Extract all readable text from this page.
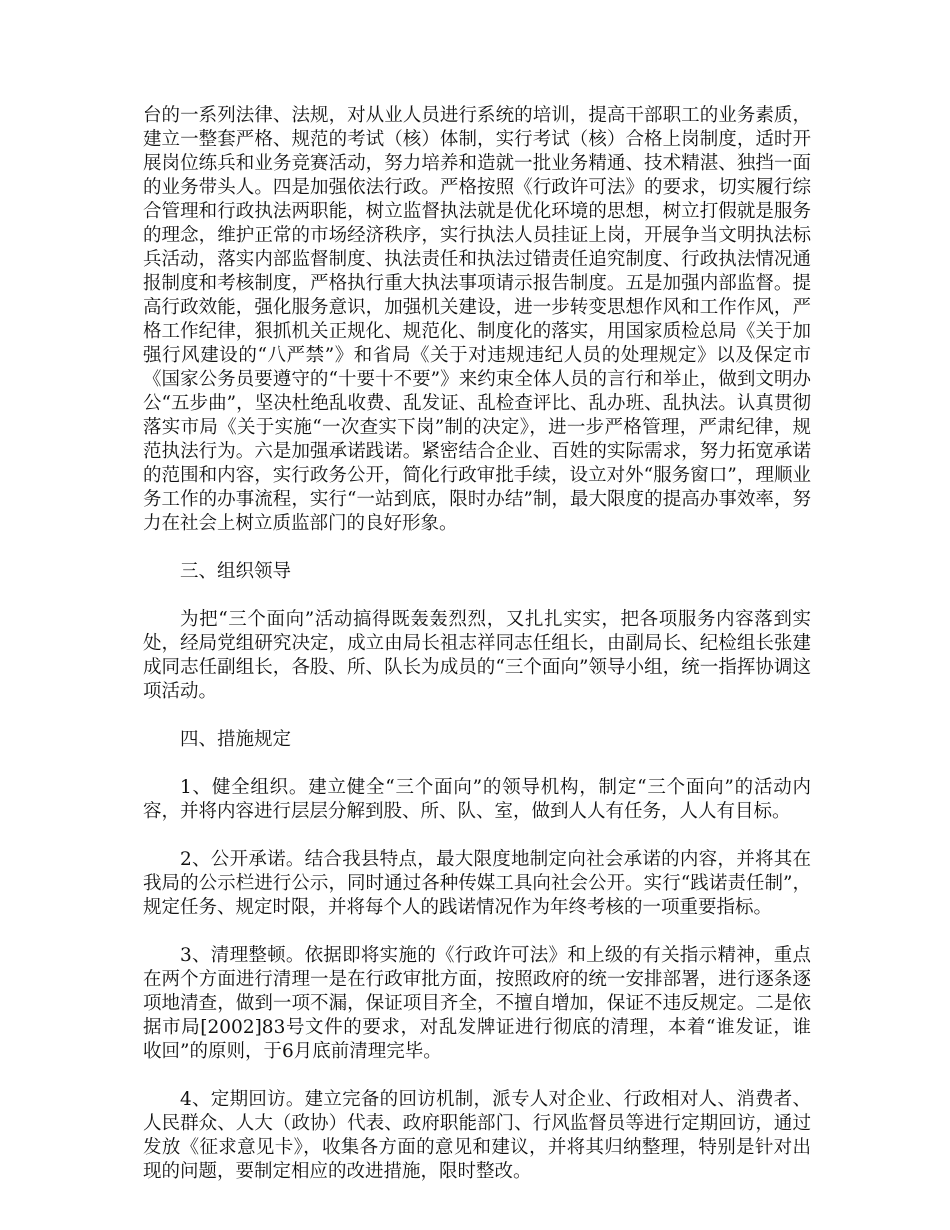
台的一系列法律、法规，对从业人员进行系统的培训，提高干部职工的业务素质，建立一整套严格、规范的考试（核）体制，实行考试（核）合格上岗制度，适时开展岗位练兵和业务竞赛活动，努力培养和造就一批业务精通、技术精湛、独挡一面的业务带头人。四是加强依法行政。严格按照《行政许可法》的要求，切实履行综合管理和行政执法两职能，树立监督执法就是优化环境的思想，树立打假就是服务的理念，维护正常的市场经济秩序，实行执法人员挂证上岗，开展争当文明执法标兵活动，落实内部监督制度、执法责任和执法过错责任追究制度、行政执法情况通报制度和考核制度，严格执行重大执法事项请示报告制度。五是加强内部监督。提高行政效能，强化服务意识，加强机关建设，进一步转变思想作风和工作作风，严格工作纪律，狠抓机关正规化、规范化、制度化的落实，用国家质检总局《关于加强行风建设的“八严禁”》和省局《关于对违规违纪人员的处理规定》以及保定市《国家公务员要遵守的“十要十不要”》来约束全体人员的言行和举止，做到文明办公“五步曲”，坚决杜绝乱收费、乱发证、乱检查评比、乱办班、乱执法。认真贯彻落实市局《关于实施“一次查实下岗”制的决定》，进一步严格管理，严肃纪律，规范执法行为。六是加强承诺践诺。紧密结合企业、百姓的实际需求，努力拓宽承诺的范围和内容，实行政务公开，简化行政审批手续，设立对外“服务窗口”，理顺业务工作的办事流程，实行“一站到底，限时办结”制，最大限度的提高办事效率，努力在社会上树立质监部门的良好形象。

三、组织领导

为把“三个面向”活动搞得既轰轰烈烈，又扎扎实实，把各项服务内容落到实处，经局党组研究决定，成立由局长祖志祥同志任组长，由副局长、纪检组长张建成同志任副组长，各股、所、队长为成员的“三个面向”领导小组，统一指挥协调这项活动。

四、措施规定

1、健全组织。建立健全“三个面向”的领导机构，制定“三个面向”的活动内容，并将内容进行层层分解到股、所、队、室，做到人人有任务，人人有目标。

2、公开承诺。结合我县特点，最大限度地制定向社会承诺的内容，并将其在我局的公示栏进行公示，同时通过各种传媒工具向社会公开。实行“践诺责任制”，规定任务、规定时限，并将每个人的践诺情况作为年终考核的一项重要指标。

3、清理整顿。依据即将实施的《行政许可法》和上级的有关指示精神，重点在两个方面进行清理一是在行政审批方面，按照政府的统一安排部署，进行逐条逐项地清查，做到一项不漏，保证项目齐全，不擅自增加，保证不违反规定。二是依据市局[2002]83号文件的要求，对乱发牌证进行彻底的清理，本着“谁发证，谁收回”的原则，于6月底前清理完毕。

4、定期回访。建立完备的回访机制，派专人对企业、行政相对人、消费者、人民群众、人大（政协）代表、政府职能部门、行风监督员等进行定期回访，通过发放《征求意见卡》，收集各方面的意见和建议，并将其归纳整理，特别是针对出现的问题，要制定相应的改进措施，限时整改。
